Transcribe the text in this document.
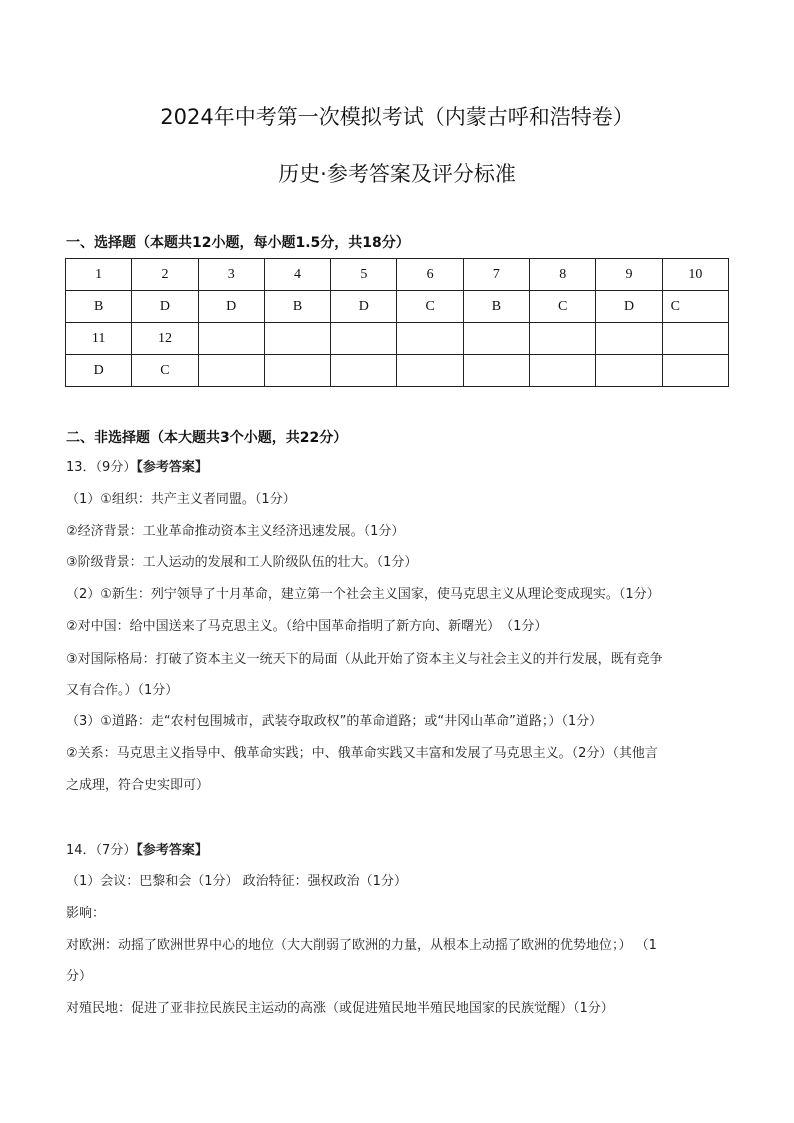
2024年中考第一次模拟考试（内蒙古呼和浩特卷）
历史·参考答案及评分标准
一、选择题（本题共12小题，每小题1.5分，共18分）
1	2	3	4	5	6	7	8	9	10
B	D	D	B	D	C	B	C	D	C
11	12								
D	C								
二、非选择题（本大题共3个小题，共22分）
13．（9分）【参考答案】
（1）①组织：共产主义者同盟。（1分）
②经济背景：工业革命推动资本主义经济迅速发展。（1分）
③阶级背景：工人运动的发展和工人阶级队伍的壮大。（1分）
（2）①新生：列宁领导了十月革命，建立第一个社会主义国家，使马克思主义从理论变成现实。（1分）
②对中国：给中国送来了马克思主义。（给中国革命指明了新方向、新曙光）　（1分）
③对国际格局：打破了资本主义一统天下的局面（从此开始了资本主义与社会主义的并行发展，既有竞争
又有合作。）（1分）
（3）①道路：走“农村包围城市，武装夺取政权”的革命道路；或“井冈山革命”道路；）（1分）
②关系：马克思主义指导中、俄革命实践；中、俄革命实践又丰富和发展了马克思主义。（2分）（其他言
之成理，符合史实即可）
14．（7分）【参考答案】
（1）会议：巴黎和会（1分） 政治特征：强权政治（1分）
影响：
对欧洲：动摇了欧洲世界中心的地位（大大削弱了欧洲的力量，从根本上动摇了欧洲的优势地位；） （1
分）
对殖民地：促进了亚非拉民族民主运动的高涨（或促进殖民地半殖民地国家的民族觉醒）（1分）
